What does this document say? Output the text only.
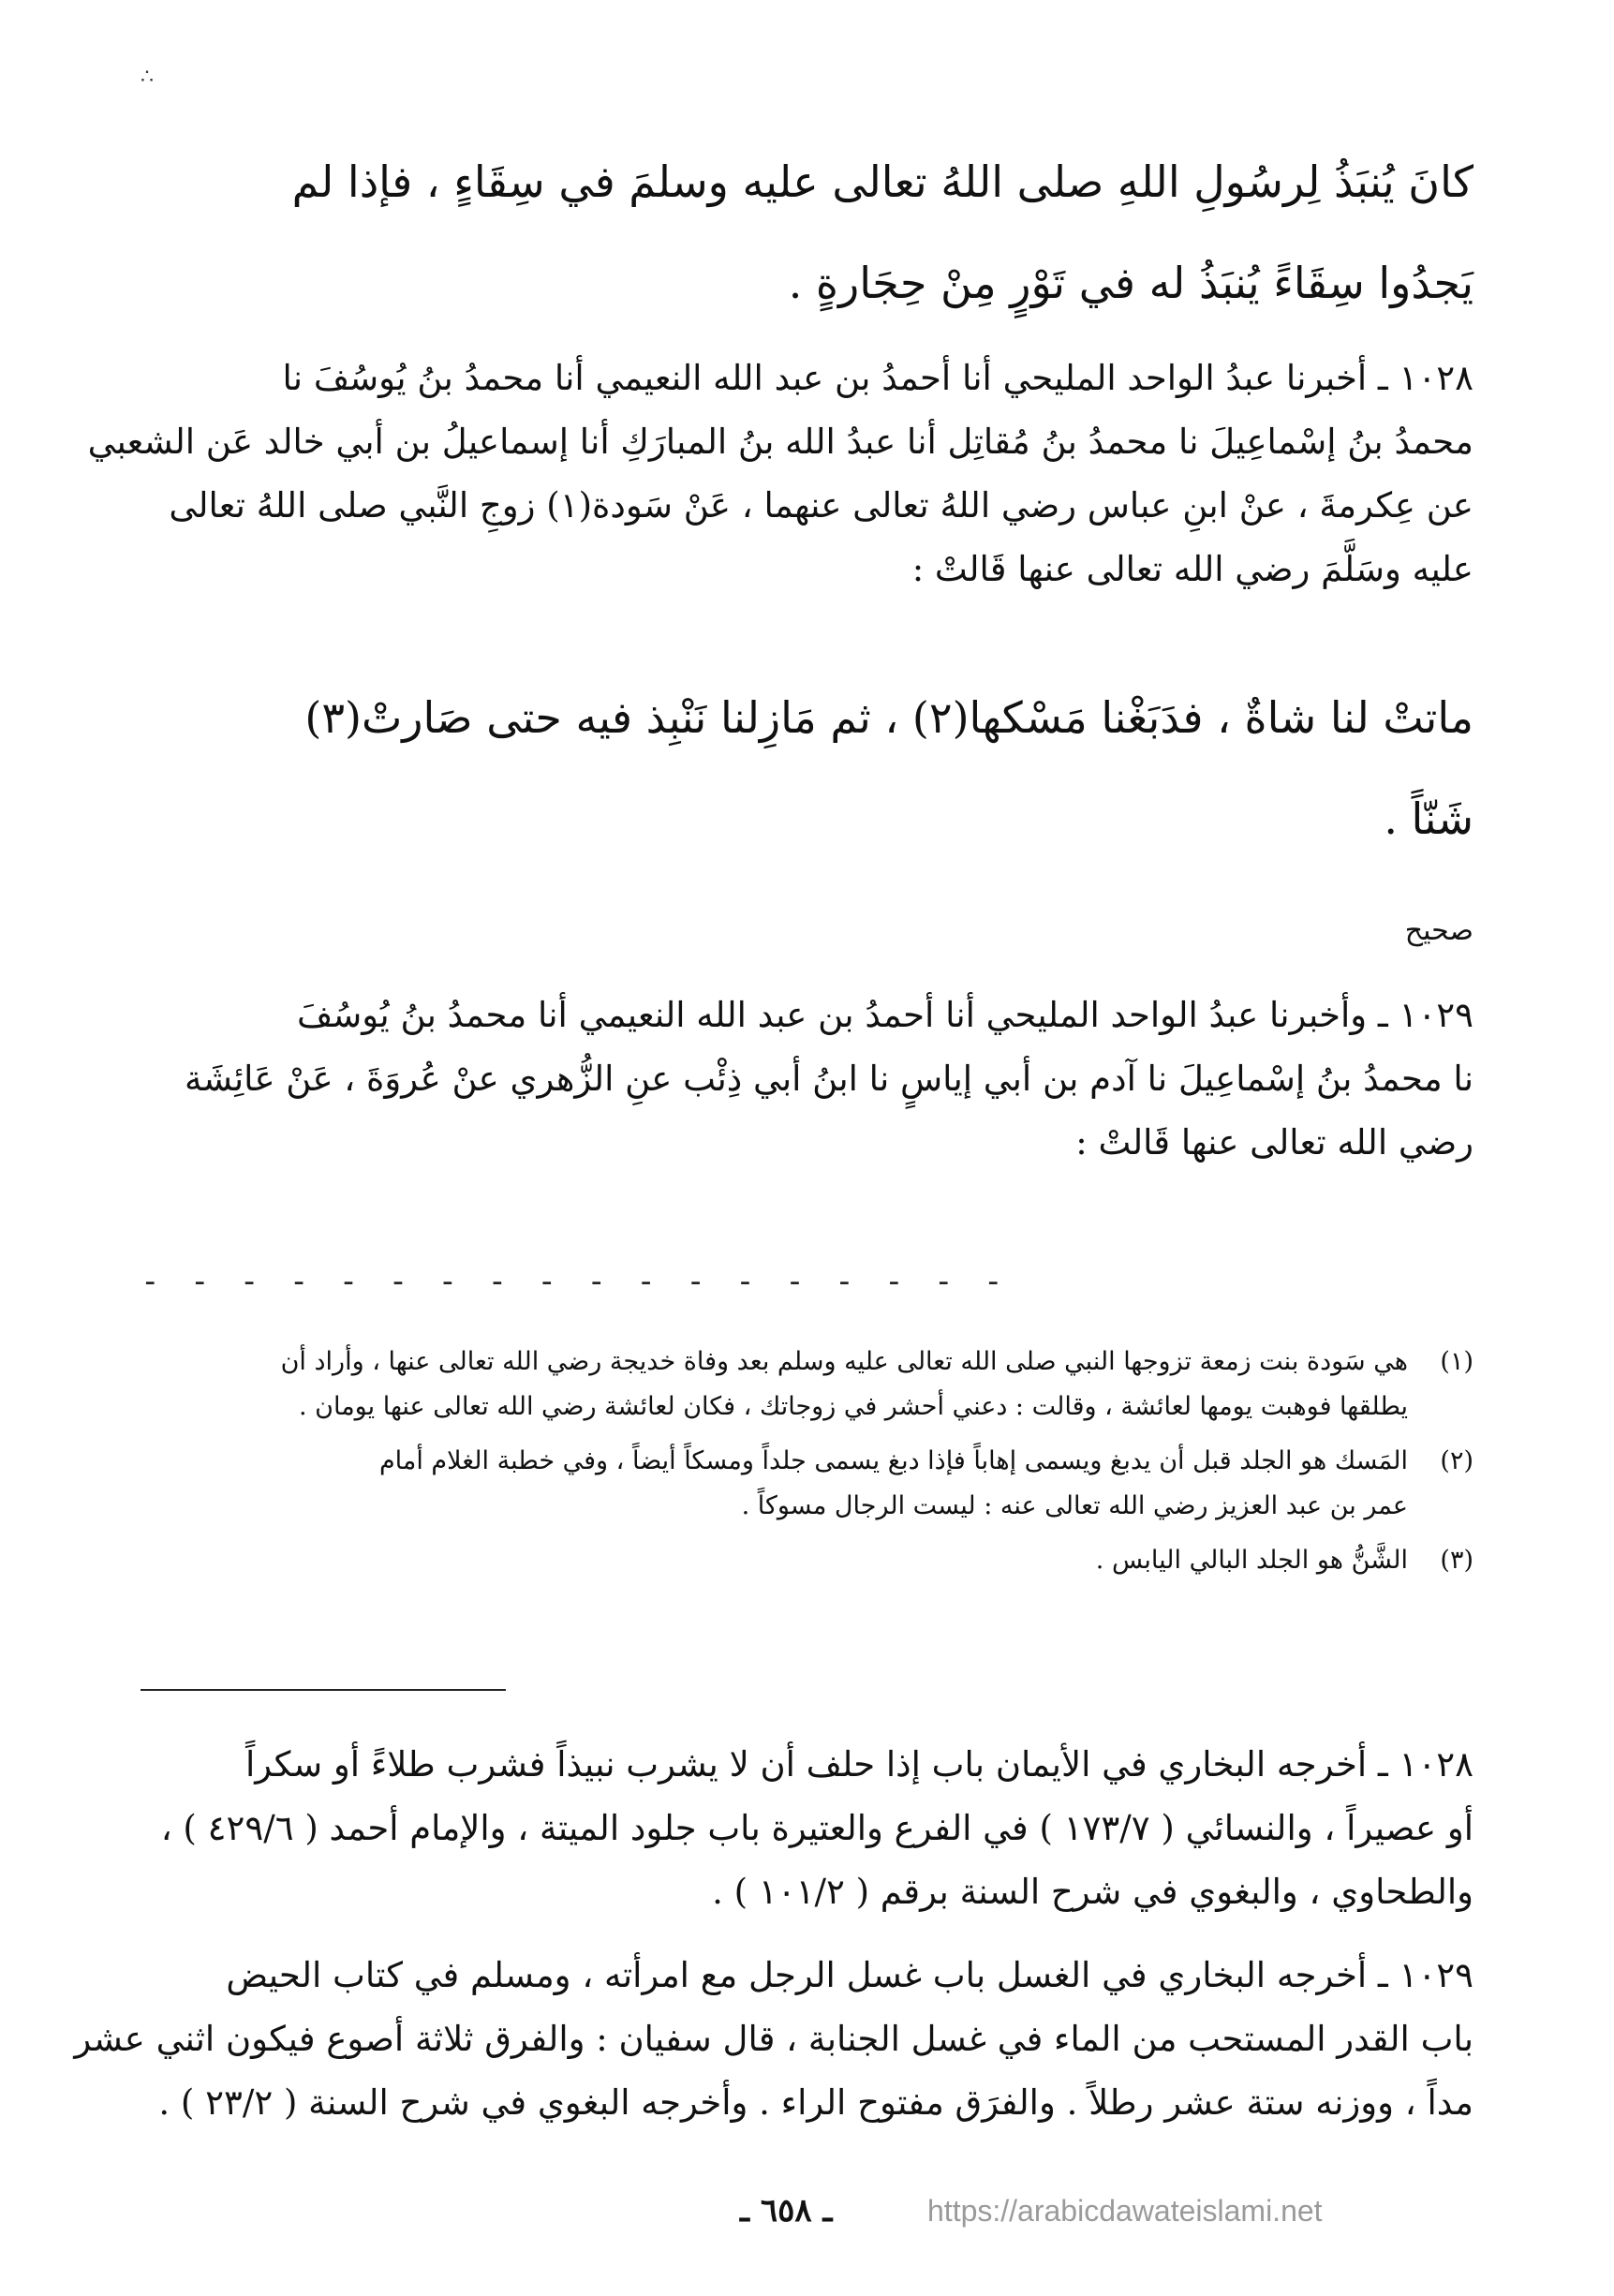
∴
كانَ يُنبَذُ لِرسُولِ اللهِ صلى اللهُ تعالى عليه وسلمَ في سِقَاءٍ ، فإذا لم
يَجدُوا سِقَاءً يُنبَذُ له في تَوْرٍ مِنْ حِجَارةٍ .
١٠٢٨ ـ أخبرنا عبدُ الواحد المليحي أنا أحمدُ بن عبد الله النعيمي أنا محمدُ بنُ يُوسُفَ نا
محمدُ بنُ إسْماعِيلَ نا محمدُ بنُ مُقاتِل أنا عبدُ الله بنُ المبارَكِ أنا إسماعيلُ بن أبي خالد عَن الشعبي
عن عِكرمةَ ، عنْ ابنِ عباس رضي اللهُ تعالى عنهما ، عَنْ سَودة(١) زوجِ النَّبي صلى اللهُ تعالى
عليه وسَلَّمَ رضي الله تعالى عنها قَالتْ :
ماتتْ لنا شاةٌ ، فدَبَغْنا مَسْكها(٢) ، ثم مَازِلنا نَنْبِذ فيه حتى صَارتْ(٣)
شَنّاً .
صحيح
١٠٢٩ ـ وأخبرنا عبدُ الواحد المليحي أنا أحمدُ بن عبد الله النعيمي أنا محمدُ بنُ يُوسُفَ
نا محمدُ بنُ إسْماعِيلَ نا آدم بن أبي إياسٍ نا ابنُ أبي ذِئْب عنِ الزُّهري عنْ عُروَةَ ، عَنْ عَائِشَة
رضي الله تعالى عنها قَالتْ :
- - - - - - - - - - - - - - - - - -
(١)
هي سَودة بنت زمعة تزوجها النبي صلى الله تعالى عليه وسلم بعد وفاة خديجة رضي الله تعالى عنها ، وأراد أن
يطلقها فوهبت يومها لعائشة ، وقالت : دعني أحشر في زوجاتك ، فكان لعائشة رضي الله تعالى عنها يومان .
(٢)
المَسك هو الجلد قبل أن يدبغ ويسمى إهاباً فإذا دبغ يسمى جلداً ومسكاً أيضاً ، وفي خطبة الغلام أمام
عمر بن عبد العزيز رضي الله تعالى عنه : ليست الرجال مسوكاً .
(٣)
الشَّنُّ هو الجلد البالي اليابس .
١٠٢٨ ـ أخرجه البخاري في الأيمان باب إذا حلف أن لا يشرب نبيذاً فشرب طلاءً أو سكراً
أو عصيراً ، والنسائي ( ١٧٣/٧ ) في الفرع والعتيرة باب جلود الميتة ، والإمام أحمد ( ٤٢٩/٦ ) ،
والطحاوي ، والبغوي في شرح السنة برقم ( ١٠١/٢ ) .
١٠٢٩ ـ أخرجه البخاري في الغسل باب غسل الرجل مع امرأته ، ومسلم في كتاب الحيض
باب القدر المستحب من الماء في غسل الجنابة ، قال سفيان : والفرق ثلاثة أصوع فيكون اثني عشر
مداً ، ووزنه ستة عشر رطلاً . والفرَق مفتوح الراء . وأخرجه البغوي في شرح السنة ( ٢٣/٢ ) .
ـ ٦٥٨ ـ	https://arabicdawateislami.net
